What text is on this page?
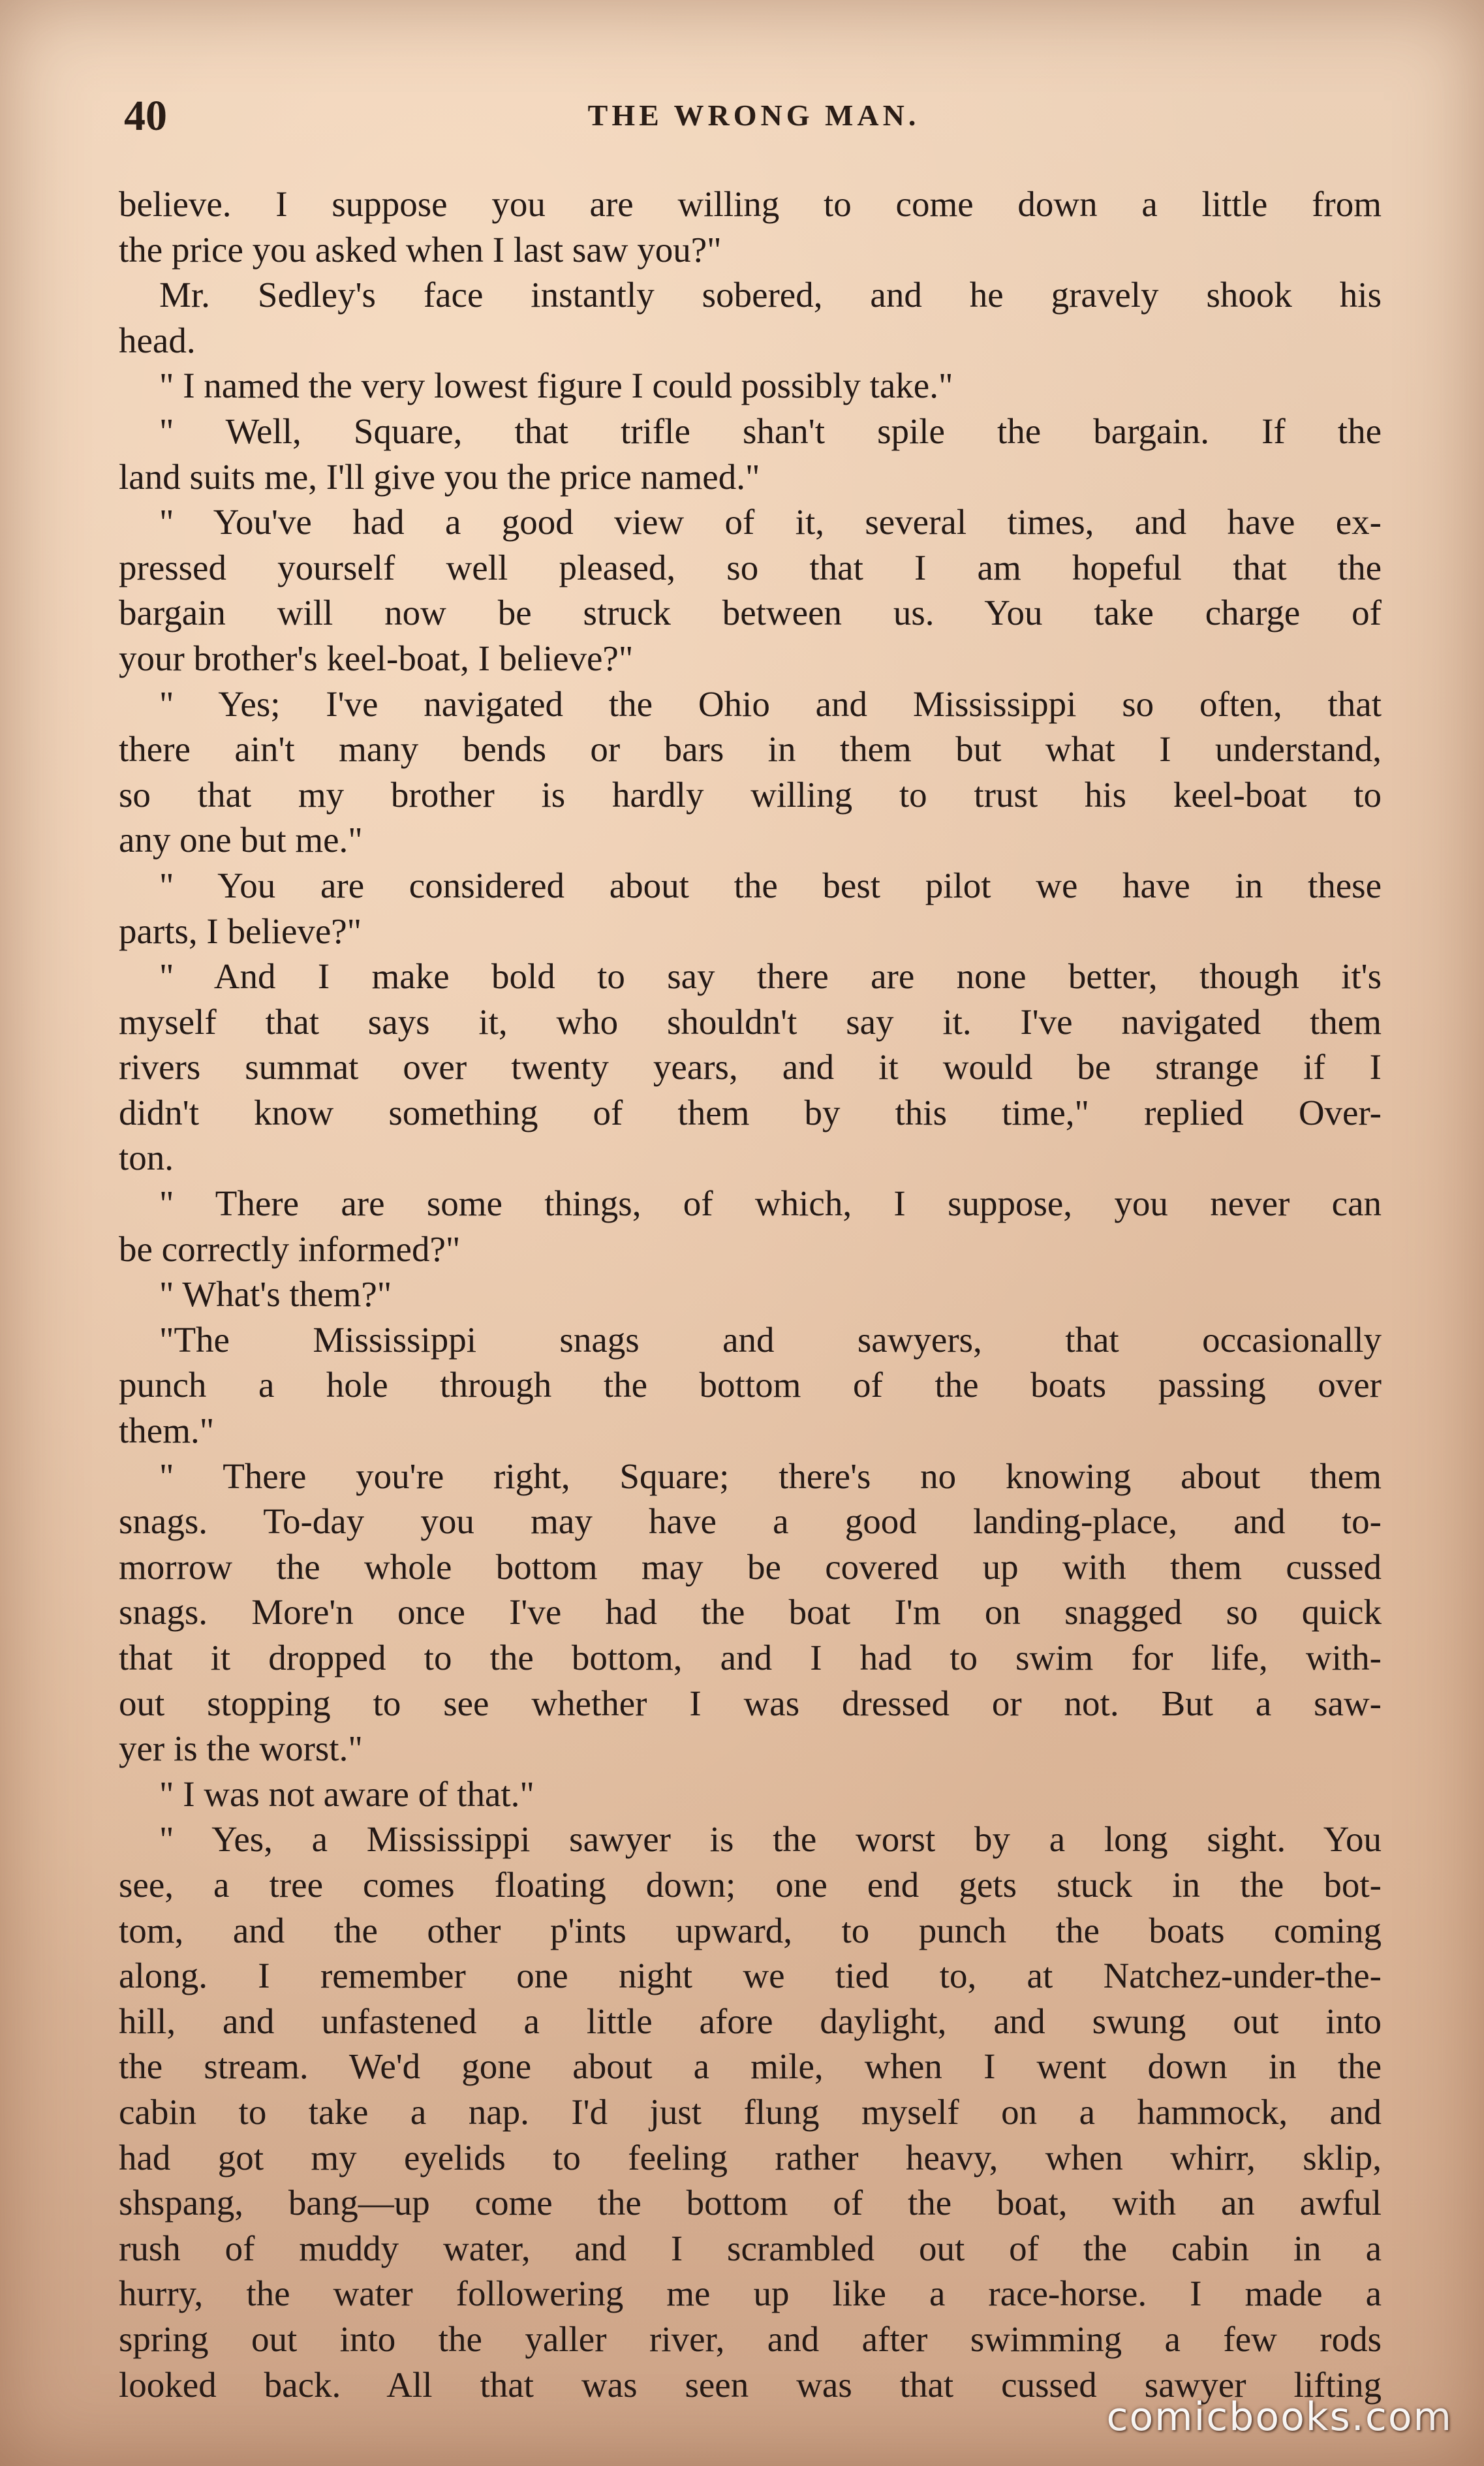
40	THE WRONG MAN.
believe. I suppose you are willing to come down a little from
the price you asked when I last saw you?"
Mr. Sedley's face instantly sobered, and he gravely shook his
head.
" I named the very lowest figure I could possibly take."
" Well, Square, that trifle shan't spile the bargain. If the
land suits me, I'll give you the price named."
" You've had a good view of it, several times, and have ex-
pressed yourself well pleased, so that I am hopeful that the
bargain will now be struck between us. You take charge of
your brother's keel-boat, I believe?"
" Yes; I've navigated the Ohio and Mississippi so often, that
there ain't many bends or bars in them but what I understand,
so that my brother is hardly willing to trust his keel-boat to
any one but me."
" You are considered about the best pilot we have in these
parts, I believe?"
" And I make bold to say there are none better, though it's
myself that says it, who shouldn't say it. I've navigated them
rivers summat over twenty years, and it would be strange if I
didn't know something of them by this time," replied Over-
ton.
" There are some things, of which, I suppose, you never can
be correctly informed?"
" What's them?"
"The Mississippi snags and sawyers, that occasionally
punch a hole through the bottom of the boats passing over
them."
" There you're right, Square; there's no knowing about them
snags. To-day you may have a good landing-place, and to-
morrow the whole bottom may be covered up with them cussed
snags. More'n once I've had the boat I'm on snagged so quick
that it dropped to the bottom, and I had to swim for life, with-
out stopping to see whether I was dressed or not. But a saw-
yer is the worst."
" I was not aware of that."
" Yes, a Mississippi sawyer is the worst by a long sight. You
see, a tree comes floating down; one end gets stuck in the bot-
tom, and the other p'ints upward, to punch the boats coming
along. I remember one night we tied to, at Natchez-under-the-
hill, and unfastened a little afore daylight, and swung out into
the stream. We'd gone about a mile, when I went down in the
cabin to take a nap. I'd just flung myself on a hammock, and
had got my eyelids to feeling rather heavy, when whirr, sklip,
shspang, bang—up come the bottom of the boat, with an awful
rush of muddy water, and I scrambled out of the cabin in a
hurry, the water followering me up like a race-horse. I made a
spring out into the yaller river, and after swimming a few rods
looked back. All that was seen was that cussed sawyer lifting
comicbooks.com
